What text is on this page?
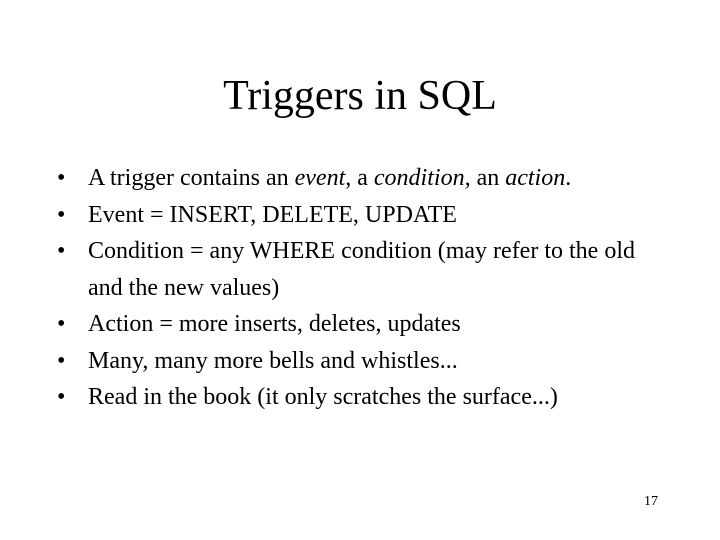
Triggers in SQL
• A trigger contains an event, a condition, an action.
• Event = INSERT, DELETE, UPDATE
• Condition = any WHERE condition (may refer to the old and the new values)
• Action = more inserts, deletes, updates
• Many, many more bells and whistles...
• Read in the book (it only scratches the surface...)
17
